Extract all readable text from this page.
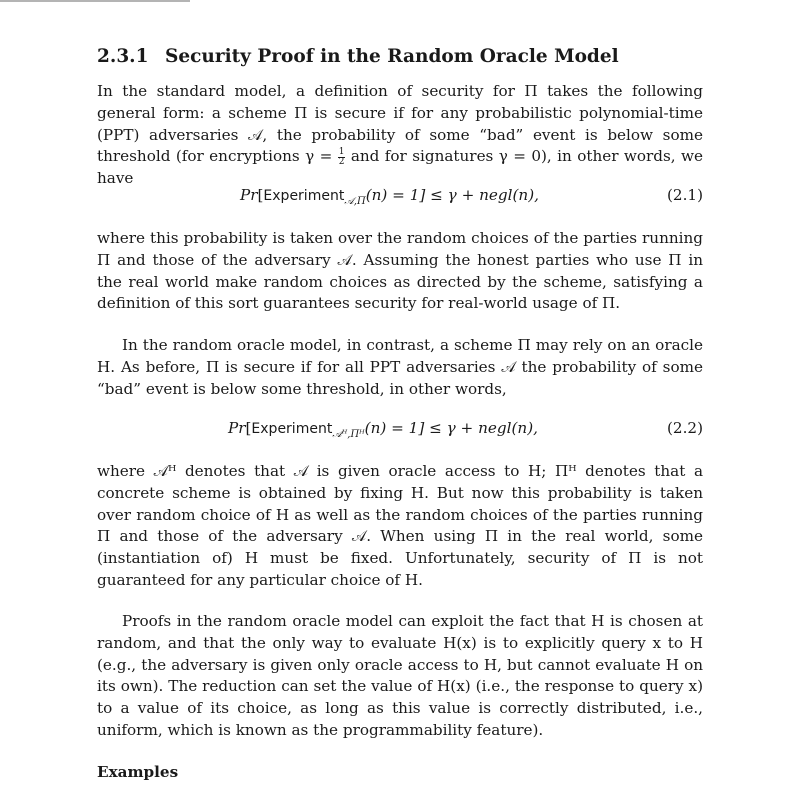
2.3.1 Security Proof in the Random Oracle Model

In the standard model, a definition of security for Π takes the following general form: a scheme Π is secure if for any probabilistic polynomial-time (PPT) adversaries 𝒜, the probability of some “bad” event is below some threshold (for encryptions $\gamma = \frac{1}{2}$ and for signatures γ = 0), in other words, we have

Pr[Experiment$_{𝒜,\Pi}$(n) = 1] ≤ γ + negl(n),	(2.1)

where this probability is taken over the random choices of the parties running Π and those of the adversary 𝒜. Assuming the honest parties who use Π in the real world make random choices as directed by the scheme, satisfying a definition of this sort guarantees security for real-world usage of Π.

In the random oracle model, in contrast, a scheme Π may rely on an oracle H. As before, Π is secure if for all PPT adversaries 𝒜 the probability of some “bad” event is below some threshold, in other words,

Pr[Experiment$_{𝒜ᴴ,\Pi ᴴ}$(n) = 1] ≤ γ + negl(n),	(2.2)

where 𝒜ᴴ denotes that 𝒜 is given oracle access to H; Πᴴ denotes that a concrete scheme is obtained by fixing H. But now this probability is taken over random choice of H as well as the random choices of the parties running Π and those of the adversary 𝒜. When using Π in the real world, some (instantiation of) H must be fixed. Unfortunately, security of Π is not guaranteed for any particular choice of H.

Proofs in the random oracle model can exploit the fact that H is chosen at random, and that the only way to evaluate H(x) is to explicitly query x to H (e.g., the adversary is given only oracle access to H, but cannot evaluate H on its own). The reduction can set the value of H(x) (i.e., the response to query x) to a value of its choice, as long as this value is correctly distributed, i.e., uniform, which is known as the programmability feature).

Examples
